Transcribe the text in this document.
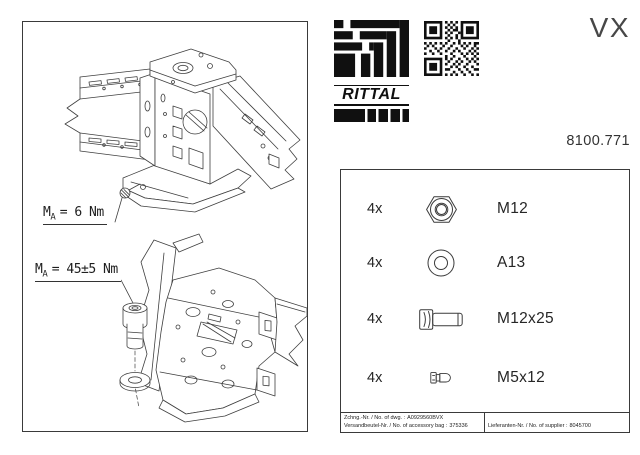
$M_A = 6$ Nm
$M_A = 45\pm 5$ Nm
RITTAL
VX
8100.771
4x	M12
4x	A13
4x	M12x25
4x	M5x12
Zchng.-Nr. / No. of dwg. : A0929560BVX
Versandbeutel-Nr. / No. of accessory bag : 375336	Lieferanten-Nr. / No. of supplier : 8045700
